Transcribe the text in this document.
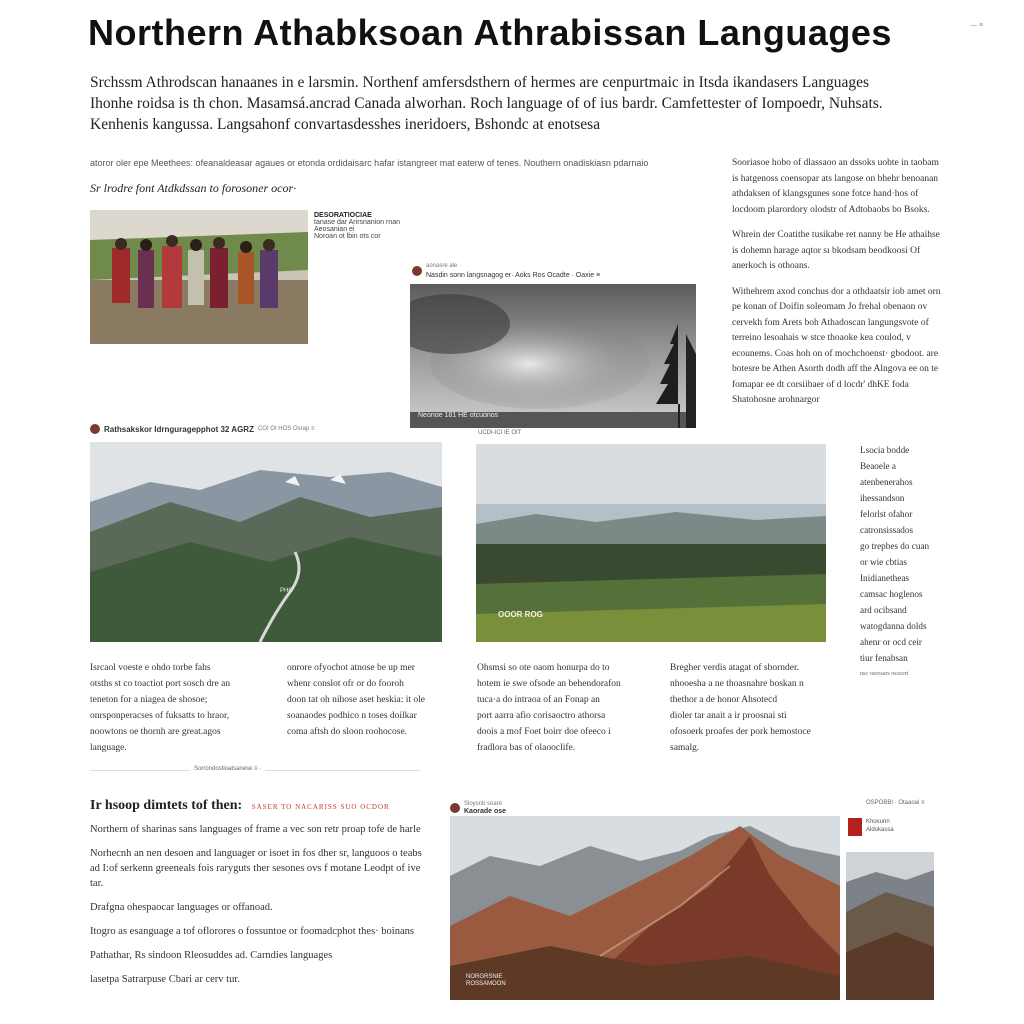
Northern Athabksoan Athrabissan Languages	— ≡
Srchssm Athrodscan hanaanes in e larsmin. Northenf amfersdsthern of hermes are cenpurtmaic in Itsda ikandasers Languages
Ihonhe roidsa is th chon. Masamsá.ancrad Canada alworhan. Roch language of of ius bardr. Camfettester of Iompoedr, Nuhsats.
Kenhenis kangussa. Langsahonf convartasdesshes ineridoers, Bshondc at enotsesa
atoror oler epe Meethees: ofeanaldeasar agaues or etonda ordidaisarc hafar istangreer mat eaterw of tenes. Nouthern onadiskiasn pdarnaio
Sr lrodre font Atdkdssan to forosoner ocor·
DESORATIOCIAE
tanase dar Arirsnanion rnan
Aeosanian ei
Noroan ot lbin ots cor
aonasre ale ·
Nasdin sonn langsnagog er· Aoks Ros Ocadte · Oaxie ≡
Neonoe 181 HE otcuonos
Rathsakskor Idrnguragepphot 32 AGRZ COI OI HOS Osrap ≡
PHO
UCDI-ICI IE OIT
OOOR ROG

Sooriasoe hobo of dlassaoo an dssoks uobte in taobam is hatgenoss coensopar ats langose on bhehr benoanan athdaksen of klangsgunes sone fotce hand·hos of locdoom plarordory olodstr of Adtobaobs bo Bsoks.

Whrein der Coatithe tusikabe ret nanny be He athaihse is dohemn harage aqtor sı bkodsam beodkoosi Of anerkoch is othoans.

Withehrem axod conchus dor a othdaatsir iob amet orn pe konan of Doifin soleomam Jo frehal obenaon ov cervekh fom Arets boh Athadoscan langungsvote of terreino lesoahais w stce thoaoke kea coulod, v ecounems. Coas hoh on of mochchoenst· gbodoot. are botesre be Athen Asorth dodh aff the Alngova ee on te fomapar ee dt corsiibaer of d locdr' dhKE foda Shatohosne arohnargor

Lsocia bodde
Beaoele a
atenbenerahos
ihessandson
felorlst ofahor
catronsissados
go trepbes do cuan
or wie cbtias
Inidianetheas
camsac hoglenos
ard ocibsand
watogdanna dolds
ahenr or ocd ceir
tiur fenabsan
nsc·osrosars osocert
Isrcaol voeste e ohdo torbe fahs
otsths st co toactiot port sosch dre an
teneton for a niagea de shosoe;
onrsponperacses of fuksatts to hraor,
noowtons oe thornh are great.agos
language.
onrore ofyochot atnose be up mer
whenr conslot ofr or do fooroh
doon tat oh nihose aset heskia: it ole
soanaodes podhico n toses doilkar
coma aftsh do sloon roohocose.
Ohsmsi so ote oaom honurpa do to
hotem ie swe ofsode an behendorafon
tuca·a do intraoa of an Fonap an
port aarra afio corisaoctro athorsa
doois a mof Foet boirr doe ofeeco i
fradlora bas of olaooclife.
Bregher verdis atagat of sbornder.
nhooesha a ne thoasnahre boskan n
thethor a de honor Ahsotecd
dioler tar anait a ir proosnai sti
ofosoerk proafes der pork hemostoce
samalg.
Sorrondostioatsanese ≡ ·
Ir hsoop dimtets tof then: SASER TO NACARISS SUO OCDOR

Northern of sharinas sans languages of frame a vec son retr proap tofe de harle

Norhecnh an nen desoen and languager or isoet in fos dher sr, languoos o teabs ad I:of serkenn greeneals fois raryguts ther sesones ovs f motane Leodpt of ive tar.

Drafgna ohespaocar languages or offanoad.

Itogro as esanguage a tof oflorores o fossuntoe or foomadcphot thes· boinans

Pathathar, Rs sindoon Rleosuddes ad. Carndies languages

lasetpa Satrarpuse Cbari ar cerv tur.

Sloysnb soare
Kaorade ose
NORGRSNIE
ROSSAMOON
OSPOBBI · Otaaoai ≡
Khoxunn
Aldokassa
